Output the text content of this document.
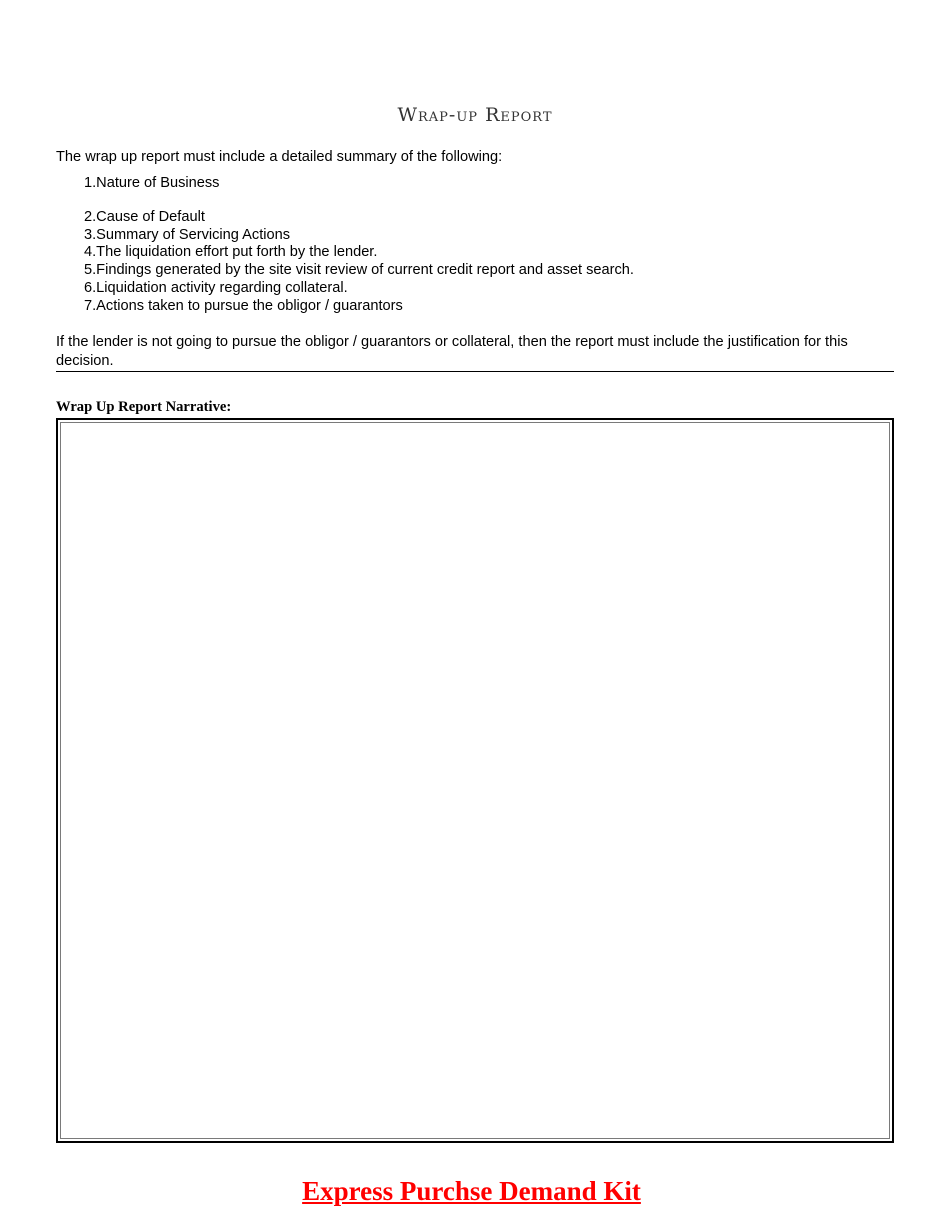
Wrap-up Report
The wrap up report must include a detailed summary of the following:
1.Nature of Business
2.Cause of Default
3.Summary of Servicing Actions
4.The liquidation effort put forth by the lender.
5.Findings generated by the site visit review of current credit report and asset search.
6.Liquidation activity regarding collateral.
7.Actions taken to pursue the obligor / guarantors
If the lender is not going to pursue the obligor / guarantors or collateral, then the report must include the justification for this decision.
Wrap Up Report Narrative:
Express Purchse Demand Kit
